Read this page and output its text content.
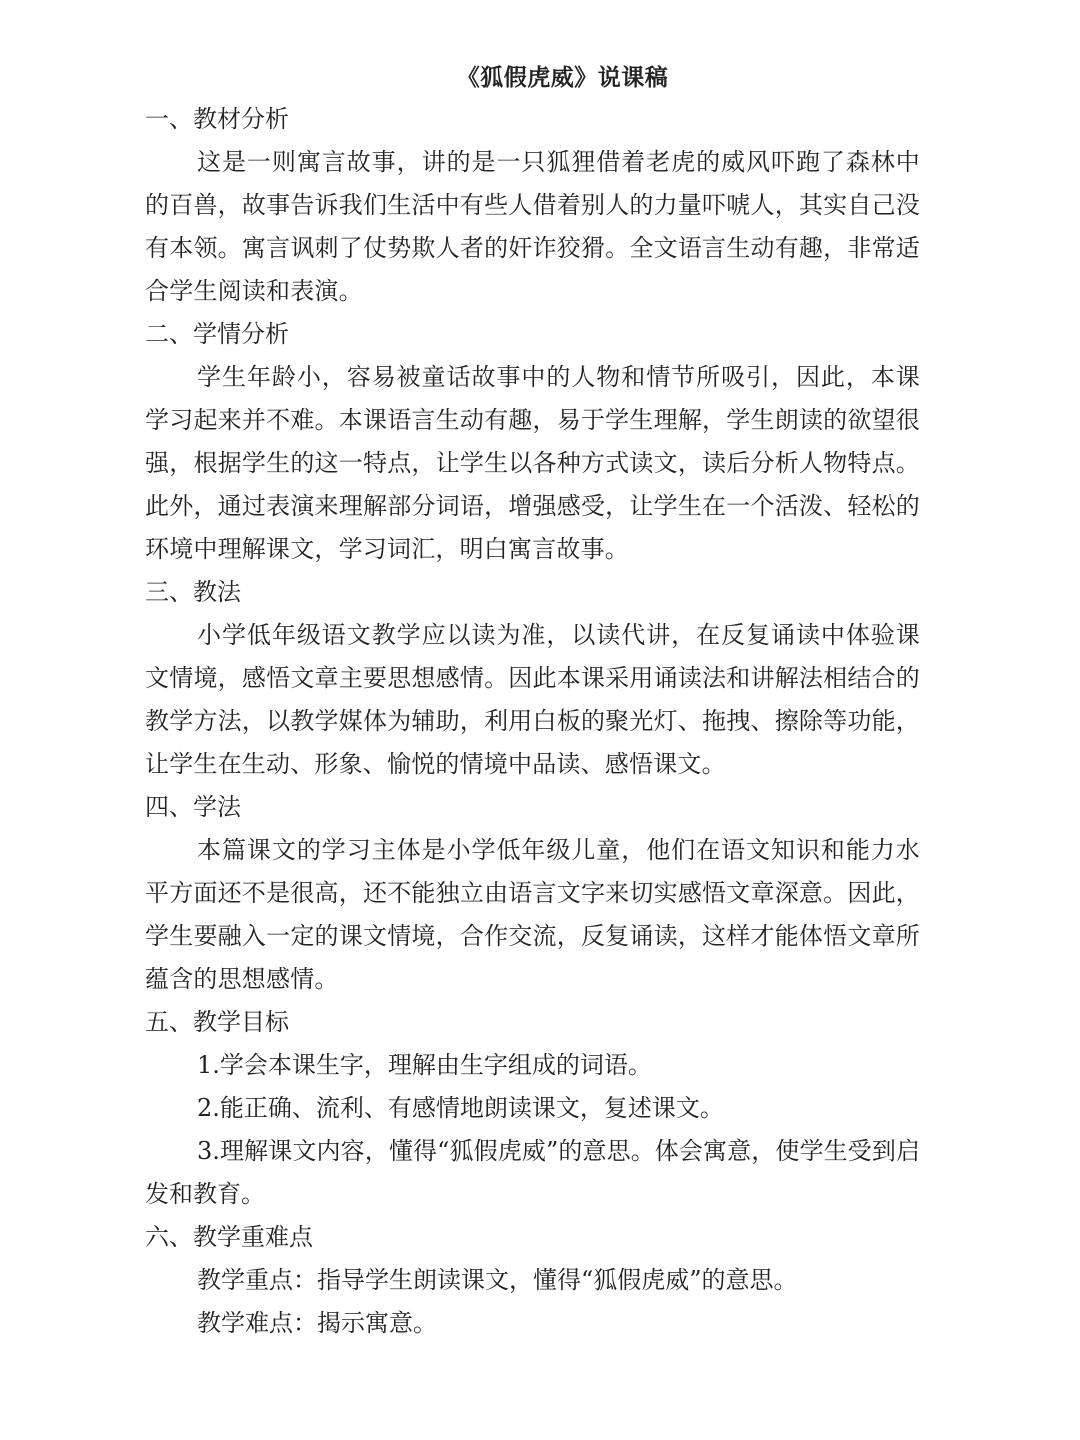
《狐假虎威》说课稿

一、教材分析

这是一则寓言故事，讲的是一只狐狸借着老虎的威风吓跑了森林中的百兽，故事告诉我们生活中有些人借着别人的力量吓唬人，其实自己没有本领。寓言讽刺了仗势欺人者的奸诈狡猾。全文语言生动有趣，非常适合学生阅读和表演。

二、学情分析

学生年龄小，容易被童话故事中的人物和情节所吸引，因此，本课学习起来并不难。本课语言生动有趣，易于学生理解，学生朗读的欲望很强，根据学生的这一特点，让学生以各种方式读文，读后分析人物特点。此外，通过表演来理解部分词语，增强感受，让学生在一个活泼、轻松的环境中理解课文，学习词汇，明白寓言故事。

三、教法

小学低年级语文教学应以读为准，以读代讲，在反复诵读中体验课文情境，感悟文章主要思想感情。因此本课采用诵读法和讲解法相结合的教学方法，以教学媒体为辅助，利用白板的聚光灯、拖拽、擦除等功能，让学生在生动、形象、愉悦的情境中品读、感悟课文。

四、学法

本篇课文的学习主体是小学低年级儿童，他们在语文知识和能力水平方面还不是很高，还不能独立由语言文字来切实感悟文章深意。因此，学生要融入一定的课文情境，合作交流，反复诵读，这样才能体悟文章所蕴含的思想感情。

五、教学目标

1.学会本课生字，理解由生字组成的词语。

2.能正确、流利、有感情地朗读课文，复述课文。

3.理解课文内容，懂得“狐假虎威”的意思。体会寓意，使学生受到启发和教育。

六、教学重难点

教学重点：指导学生朗读课文，懂得“狐假虎威”的意思。

教学难点：揭示寓意。
